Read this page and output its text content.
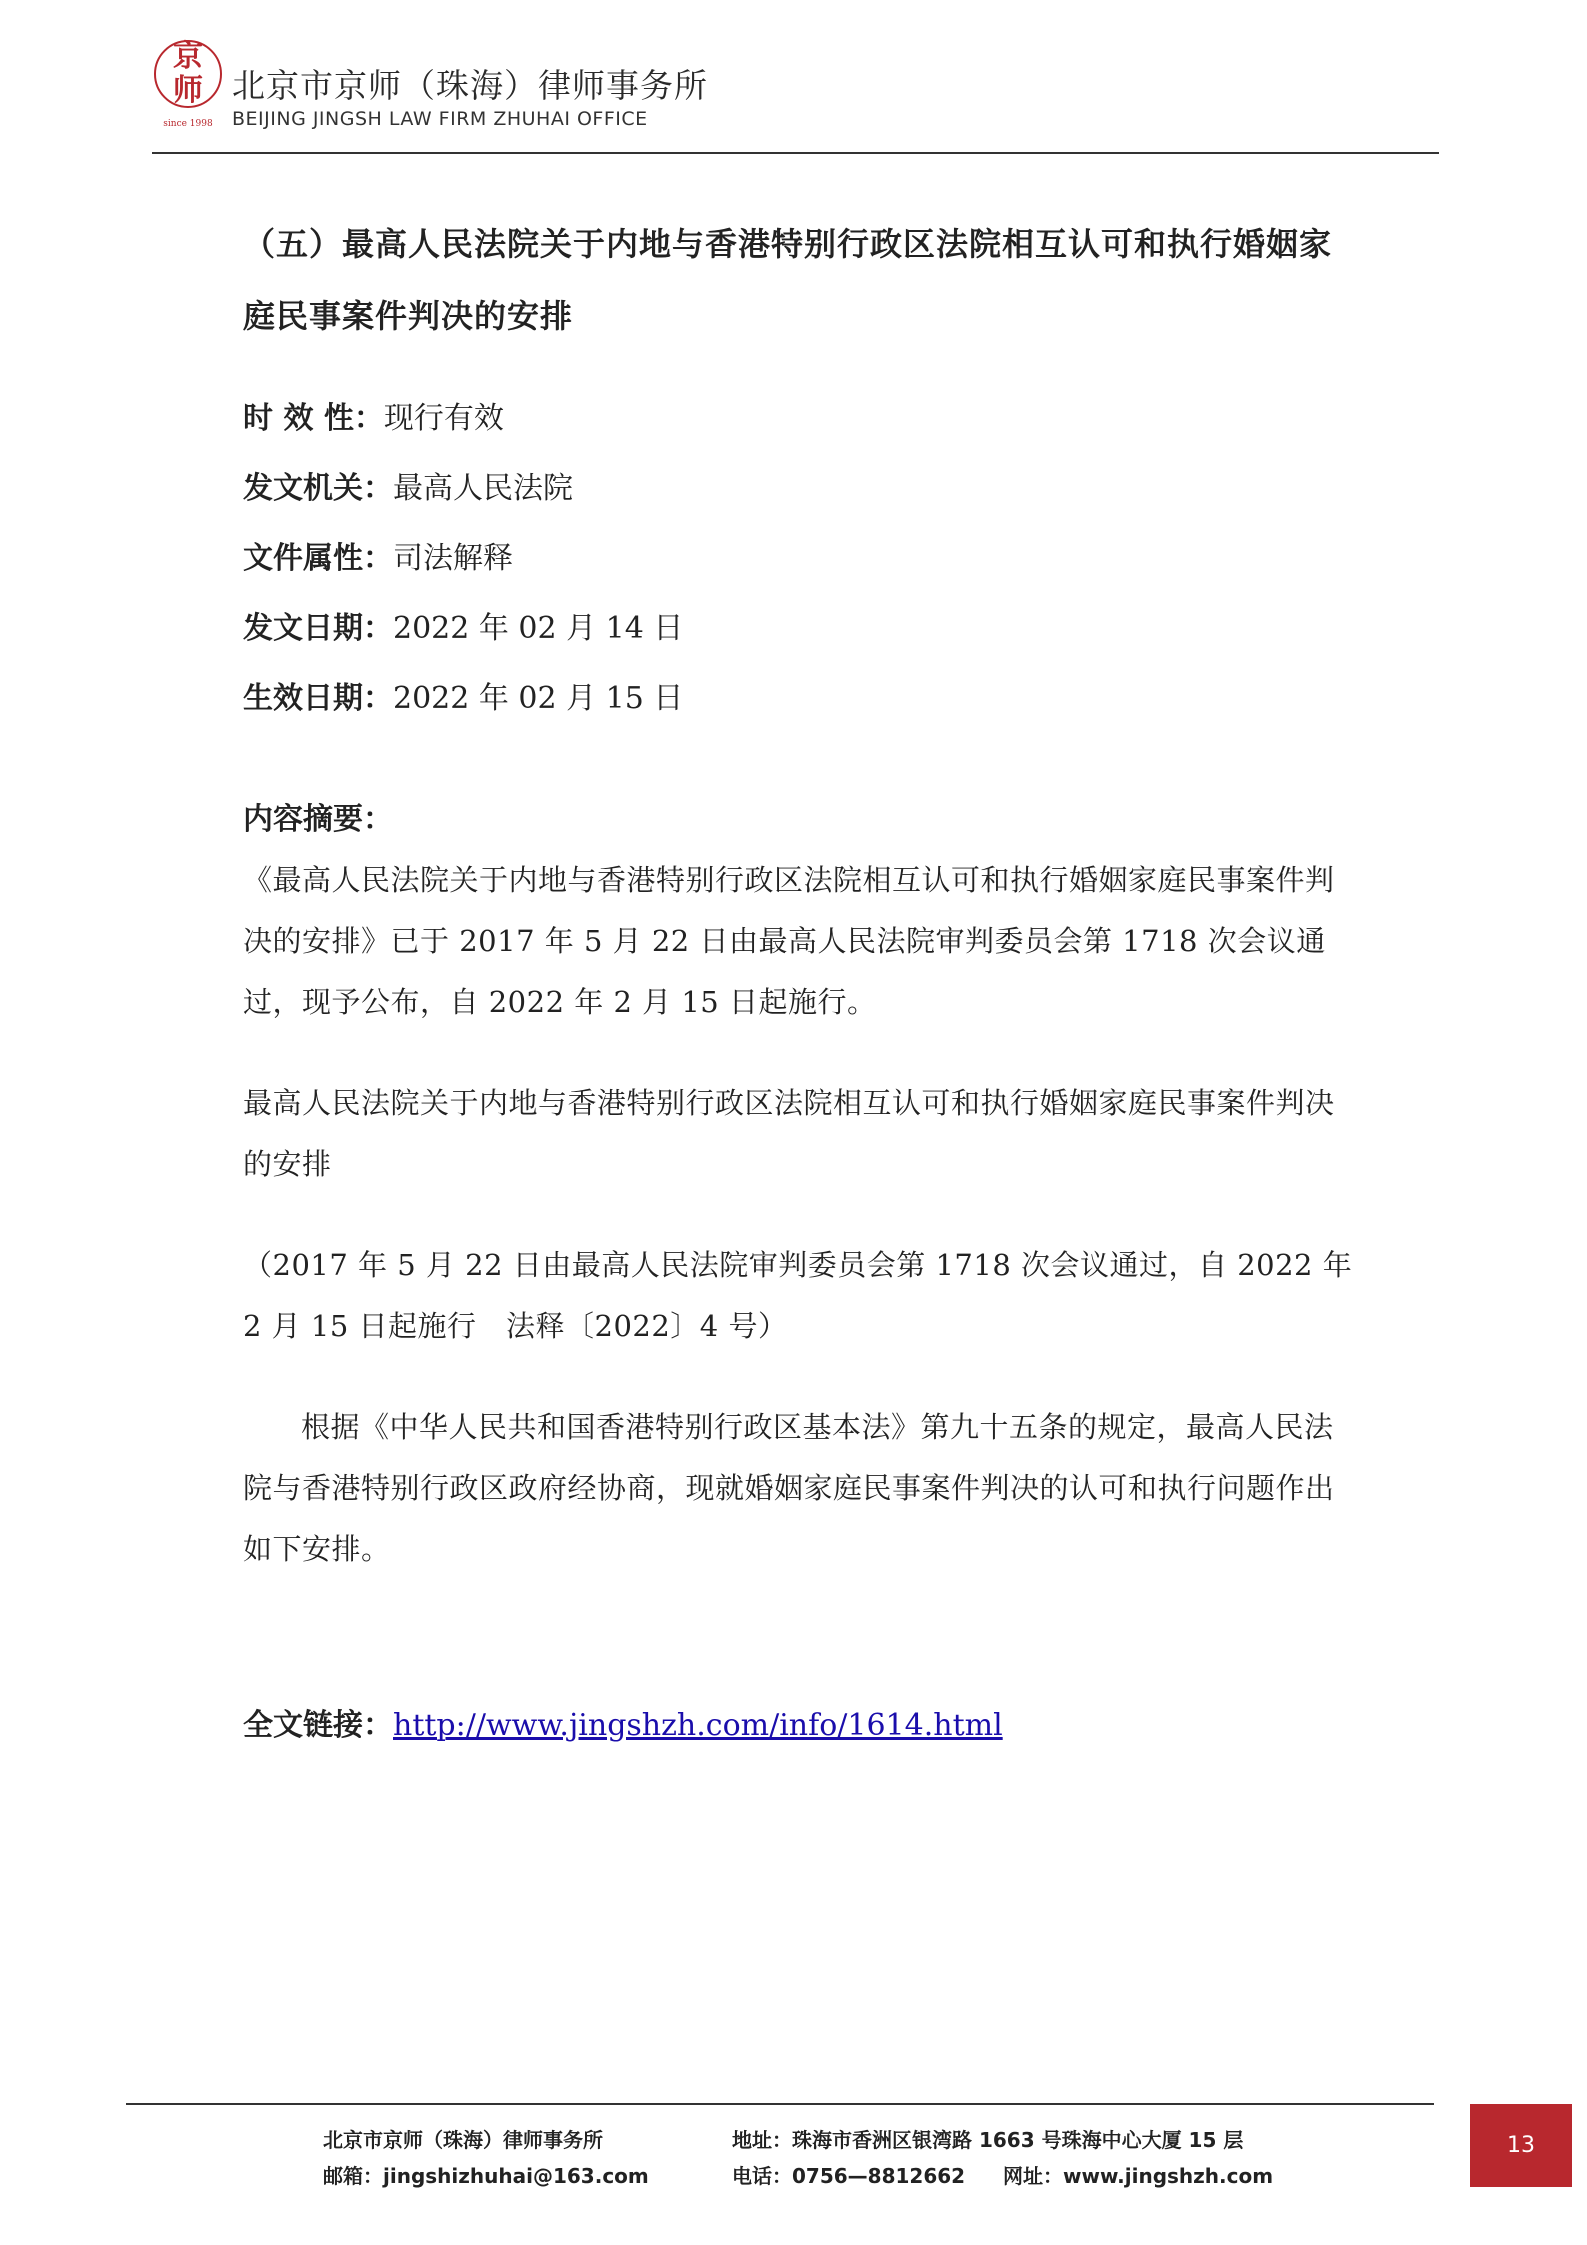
京
师
since 1998
北京市京师（珠海）律师事务所
BEIJING JINGSH LAW FIRM ZHUHAI OFFICE
（五）最高人民法院关于内地与香港特别行政区法院相互认可和执行婚姻家庭民事案件判决的安排
时 效 性：现行有效
发文机关：最高人民法院
文件属性：司法解释
发文日期：2022 年 02 月 14 日
生效日期：2022 年 02 月 15 日
内容摘要：

《最高人民法院关于内地与香港特别行政区法院相互认可和执行婚姻家庭民事案件判决的安排》已于 2017 年 5 月 22 日由最高人民法院审判委员会第 1718 次会议通过，现予公布，自 2022 年 2 月 15 日起施行。

最高人民法院关于内地与香港特别行政区法院相互认可和执行婚姻家庭民事案件判决的安排

（2017 年 5 月 22 日由最高人民法院审判委员会第 1718 次会议通过，自 2022 年 2 月 15 日起施行　法释〔2022〕4 号）

根据《中华人民共和国香港特别行政区基本法》第九十五条的规定，最高人民法院与香港特别行政区政府经协商，现就婚姻家庭民事案件判决的认可和执行问题作出如下安排。

全文链接：http://www.jingshzh.com/info/1614.html
北京市京师（珠海）律师事务所	地址：珠海市香洲区银湾路 1663 号珠海中心大厦 15 层
邮箱：jingshizhuhai@163.com	电话：0756—8812662 网址：www.jingshzh.com
13
